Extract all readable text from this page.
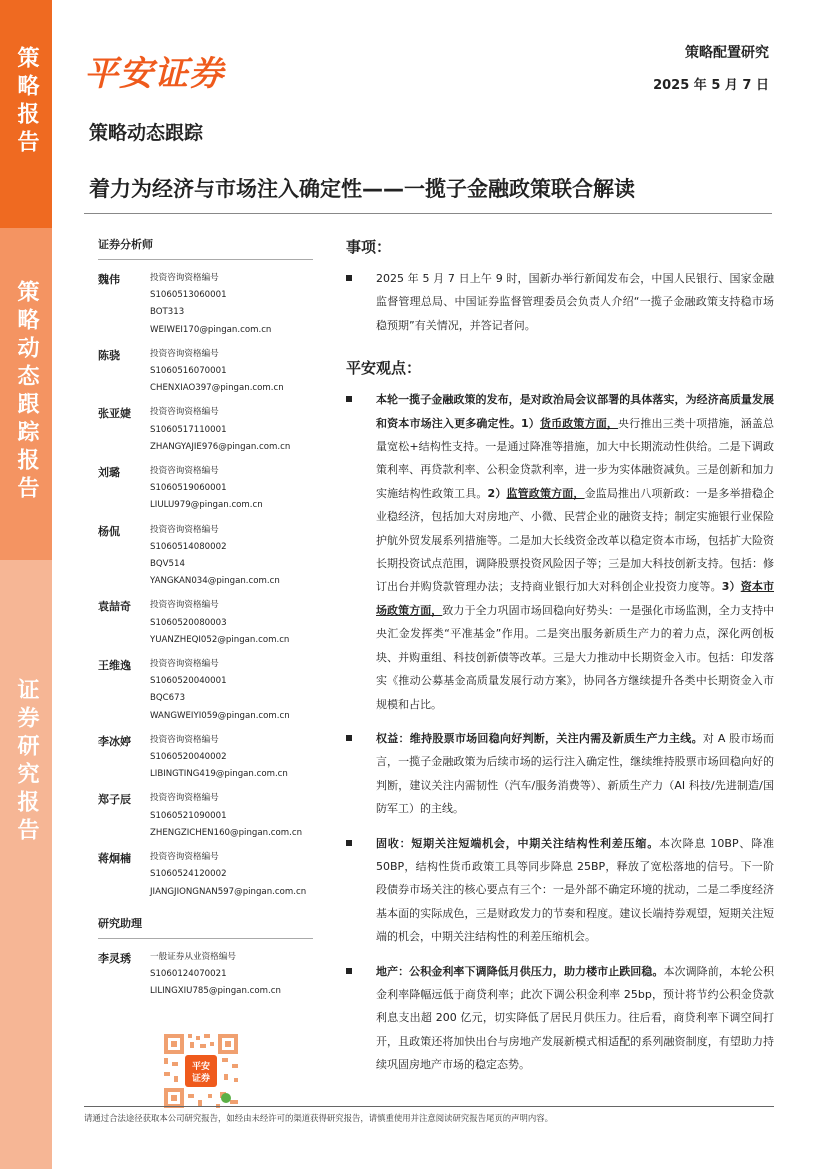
策略报告
策略动态跟踪报告
证券研究报告
平安证券
策略配置研究
2025 年 5 月 7 日
策略动态跟踪
着力为经济与市场注入确定性——一揽子金融政策联合解读
证券分析师
魏伟	投资咨询资格编号
S1060513060001
BOT313
WEIWEI170@pingan.com.cn
陈骁	投资咨询资格编号
S1060516070001
CHENXIAO397@pingan.com.cn
张亚婕	投资咨询资格编号
S1060517110001
ZHANGYAJIE976@pingan.com.cn
刘璐	投资咨询资格编号
S1060519060001
LIULU979@pingan.com.cn
杨侃	投资咨询资格编号
S1060514080002
BQV514
YANGKAN034@pingan.com.cn
袁喆奇	投资咨询资格编号
S1060520080003
YUANZHEQI052@pingan.com.cn
王维逸	投资咨询资格编号
S1060520040001
BQC673
WANGWEIYI059@pingan.com.cn
李冰婷	投资咨询资格编号
S1060520040002
LIBINGTING419@pingan.com.cn
郑子辰	投资咨询资格编号
S1060521090001
ZHENGZICHEN160@pingan.com.cn
蒋炯楠	投资咨询资格编号
S1060524120002
JIANGJIONGNAN597@pingan.com.cn
研究助理
李灵琇	一般证券从业资格编号
S1060124070021
LILINGXIU785@pingan.com.cn
平安
证券
事项：
2025 年 5 月 7 日上午 9 时，国新办举行新闻发布会，中国人民银行、国家金融监督管理总局、中国证券监督管理委员会负责人介绍“一揽子金融政策支持稳市场稳预期”有关情况，并答记者问。
平安观点：
本轮一揽子金融政策的发布，是对政治局会议部署的具体落实，为经济高质量发展和资本市场注入更多确定性。1）货币政策方面，央行推出三类十项措施，涵盖总量宽松+结构性支持。一是通过降准等措施，加大中长期流动性供给。二是下调政策利率、再贷款利率、公积金贷款利率，进一步为实体融资减负。三是创新和加力实施结构性政策工具。2）监管政策方面，金监局推出八项新政：一是多举措稳企业稳经济，包括加大对房地产、小微、民营企业的融资支持；制定实施银行业保险护航外贸发展系列措施等。二是加大长线资金改革以稳定资本市场，包括扩大险资长期投资试点范围，调降股票投资风险因子等；三是加大科技创新支持。包括：修订出台并购贷款管理办法；支持商业银行加大对科创企业投资力度等。3）资本市场政策方面，致力于全力巩固市场回稳向好势头：一是强化市场监测，全力支持中央汇金发挥类“平准基金”作用。二是突出服务新质生产力的着力点，深化两创板块、并购重组、科技创新债等改革。三是大力推动中长期资金入市。包括：印发落实《推动公募基金高质量发展行动方案》，协同各方继续提升各类中长期资金入市规模和占比。
权益：维持股票市场回稳向好判断，关注内需及新质生产力主线。对 A 股市场而言，一揽子金融政策为后续市场的运行注入确定性，继续维持股票市场回稳向好的判断，建议关注内需韧性（汽车/服务消费等）、新质生产力（AI 科技/先进制造/国防军工）的主线。
固收：短期关注短端机会，中期关注结构性利差压缩。本次降息 10BP、降准 50BP，结构性货币政策工具等同步降息 25BP，释放了宽松落地的信号。下一阶段债券市场关注的核心要点有三个：一是外部不确定环境的扰动，二是二季度经济基本面的实际成色，三是财政发力的节奏和程度。建议长端持券观望，短期关注短端的机会，中期关注结构性的利差压缩机会。
地产：公积金利率下调降低月供压力，助力楼市止跌回稳。本次调降前，本轮公积金利率降幅远低于商贷利率；此次下调公积金利率 25bp，预计将节约公积金贷款利息支出超 200 亿元，切实降低了居民月供压力。往后看，商贷利率下调空间打开，且政策还将加快出台与房地产发展新模式相适配的系列融资制度，有望助力持续巩固房地产市场的稳定态势。
请通过合法途径获取本公司研究报告，如经由未经许可的渠道获得研究报告，请慎重使用并注意阅读研究报告尾页的声明内容。
